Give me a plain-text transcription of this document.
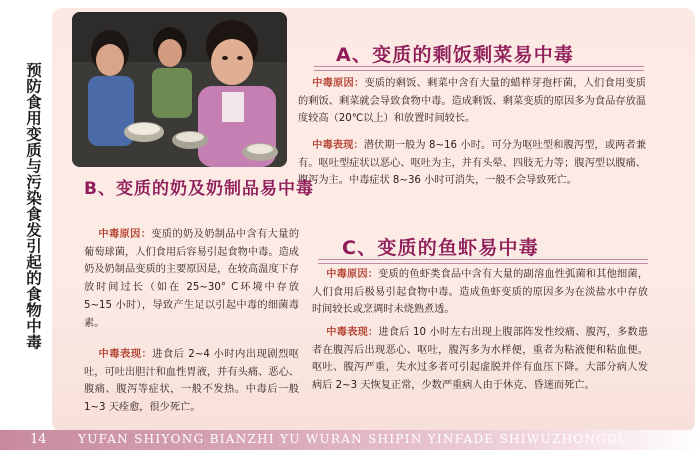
预防食用变质与污染食发引起的食物中毒
A、变质的剩饭剩菜易中毒
中毒原因：变质的剩饭、剩菜中含有大量的蜡样芽孢杆菌，人们食用变质的剩饭、剩菜就会导致食物中毒。造成剩饭、剩菜变质的原因多为食品存放温度较高（20℃以上）和放置时间较长。
中毒表现：潜伏期一般为 8~16 小时。可分为呕吐型和腹泻型，或两者兼有。呕吐型症状以恶心、呕吐为主，并有头晕、四肢无力等；腹泻型以腹痛、腹泻为主。中毒症状 8~36 小时可消失，一般不会导致死亡。
B、变质的奶及奶制品易中毒
中毒原因：变质的奶及奶制品中含有大量的葡萄球菌，人们食用后容易引起食物中毒。造成奶及奶制品变质的主要原因是，在较高温度下存放时间过长（如在 25~30° C环境中存放 5~15 小时），导致产生足以引起中毒的细菌毒素。
中毒表现：进食后 2~4 小时内出现剧烈呕吐，可吐出胆汁和血性胃液，并有头痛、恶心、腹痛、腹泻等症状，一般不发热。中毒后一般 1~3 天痊愈，很少死亡。
C、变质的鱼虾易中毒
中毒原因：变质的鱼虾类食品中含有大量的副溶血性弧菌和其他细菌，人们食用后极易引起食物中毒。造成鱼虾变质的原因多为在淡盐水中存放时间较长或烹调时未烧熟煮透。
中毒表现：进食后 10 小时左右出现上腹部阵发性绞痛、腹泻，多数患者在腹泻后出现恶心、呕吐，腹泻多为水样便，重者为粘液便和粘血便。呕吐、腹泻严重，失水过多者可引起虚脱并伴有血压下降。大部分病人发病后 2~3 天恢复正常，少数严重病人由于休克、昏迷而死亡。
14	YUFAN SHIYONG BIANZHI YU WURAN SHIPIN YINFADE SHIWUZHONGDU
